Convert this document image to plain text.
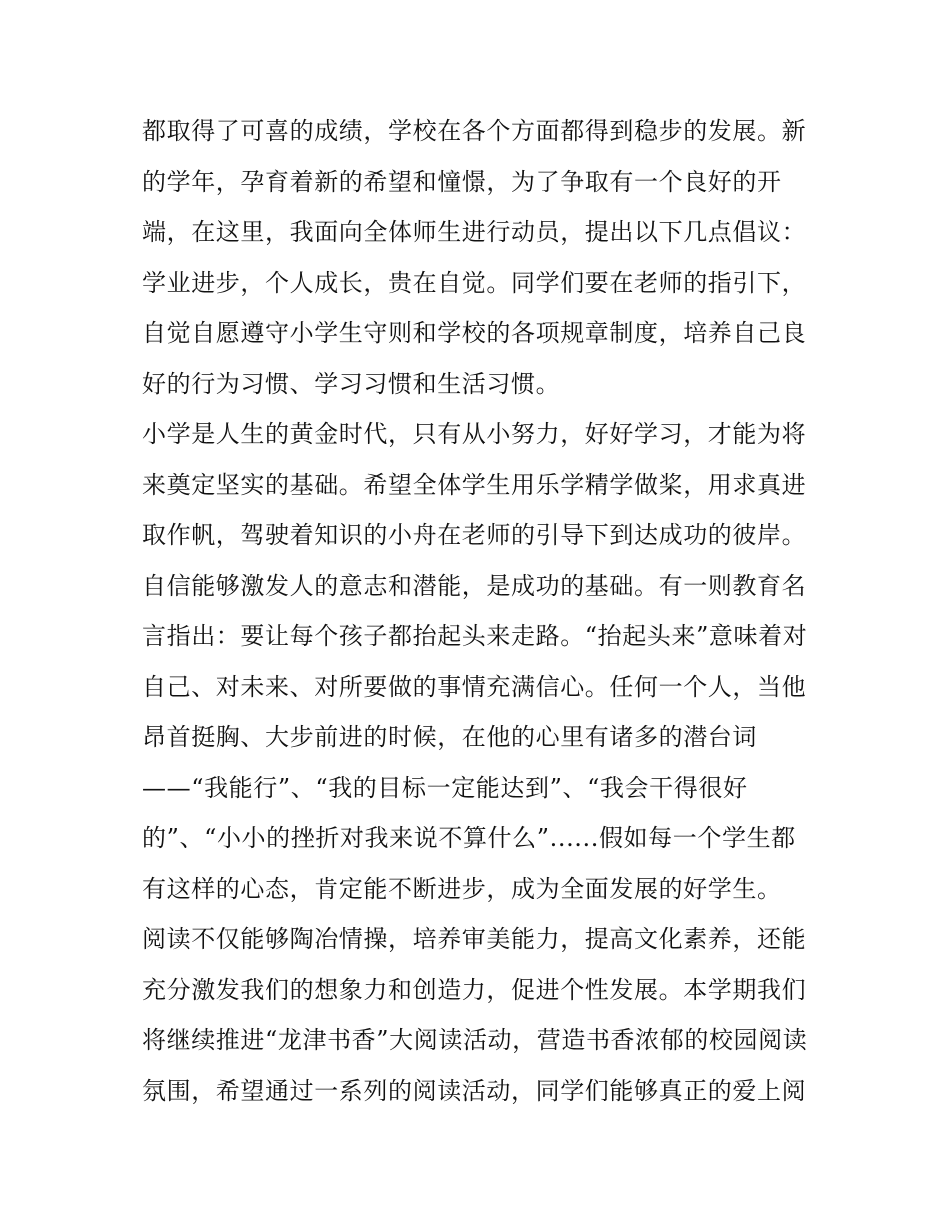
都取得了可喜的成绩，学校在各个方面都得到稳步的发展。新
的学年，孕育着新的希望和憧憬，为了争取有一个良好的开
端，在这里，我面向全体师生进行动员，提出以下几点倡议：
学业进步，个人成长，贵在自觉。同学们要在老师的指引下，
自觉自愿遵守小学生守则和学校的各项规章制度，培养自己良
好的行为习惯、学习习惯和生活习惯。
小学是人生的黄金时代，只有从小努力，好好学习，才能为将
来奠定坚实的基础。希望全体学生用乐学精学做桨，用求真进
取作帆，驾驶着知识的小舟在老师的引导下到达成功的彼岸。
自信能够激发人的意志和潜能，是成功的基础。有一则教育名
言指出：要让每个孩子都抬起头来走路。“抬起头来”意味着对
自己、对未来、对所要做的事情充满信心。任何一个人，当他
昂首挺胸、大步前进的时候，在他的心里有诸多的潜台词
——“我能行”、“我的目标一定能达到”、“我会干得很好
的”、“小小的挫折对我来说不算什么”......假如每一个学生都
有这样的心态，肯定能不断进步，成为全面发展的好学生。
阅读不仅能够陶冶情操，培养审美能力，提高文化素养，还能
充分激发我们的想象力和创造力，促进个性发展。本学期我们
将继续推进“龙津书香”大阅读活动，营造书香浓郁的校园阅读
氛围，希望通过一系列的阅读活动，同学们能够真正的爱上阅
